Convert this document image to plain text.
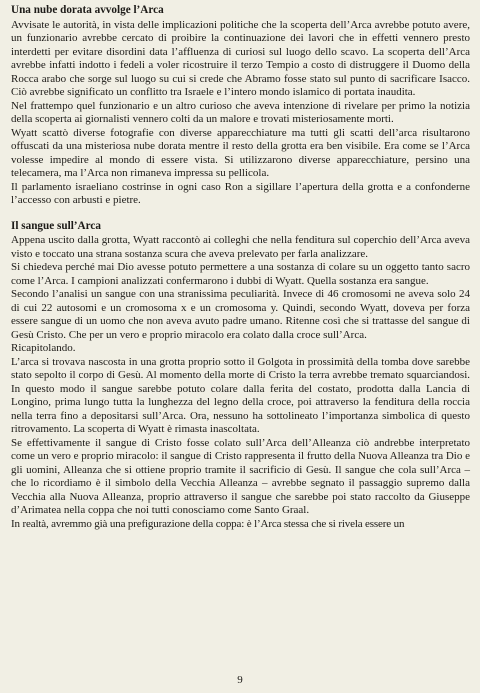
Una nube dorata avvolge l’Arca

Avvisate le autorità, in vista delle implicazioni politiche che la scoperta dell’Arca avrebbe potuto avere, un funzionario avrebbe cercato di proibire la continuazione dei lavori che in effetti vennero presto interdetti per evitare disordini data l’affluenza di curiosi sul luogo dello scavo. La scoperta dell’Arca avrebbe infatti indotto i fedeli a voler ricostruire il terzo Tempio a costo di distruggere il Duomo della Rocca arabo che sorge sul luogo su cui si crede che Abramo fosse stato sul punto di sacrificare Isacco. Ciò avrebbe significato un conflitto tra Israele e l’intero mondo islamico di portata inaudita.

Nel frattempo quel funzionario e un altro curioso che aveva intenzione di rivelare per primo la notizia della scoperta ai giornalisti vennero colti da un malore e trovati misteriosamente morti.

Wyatt scattò diverse fotografie con diverse apparecchiature ma tutti gli scatti dell’arca risultarono offuscati da una misteriosa nube dorata mentre il resto della grotta era ben visibile. Era come se l’Arca volesse impedire al mondo di essere vista. Si utilizzarono diverse apparecchiature, persino una telecamera, ma l’Arca non rimaneva impressa su pellicola.

Il parlamento israeliano costrinse in ogni caso Ron a sigillare l’apertura della grotta e a confonderne l’accesso con arbusti e pietre.

Il sangue sull’Arca

Appena uscito dalla grotta, Wyatt raccontò ai colleghi che nella fenditura sul coperchio dell’Arca aveva visto e toccato una strana sostanza scura che aveva prelevato per farla analizzare.

Si chiedeva perché mai Dio avesse potuto permettere a una sostanza di colare su un oggetto tanto sacro come l’Arca. I campioni analizzati confermarono i dubbi di Wyatt. Quella sostanza era sangue.

Secondo l’analisi un sangue con una stranissima peculiarità. Invece di 46 cromosomi ne aveva solo 24 di cui 22 autosomi e un cromosoma x e un cromosoma y. Quindi, secondo Wyatt, doveva per forza essere sangue di un uomo che non aveva avuto padre umano. Ritenne così che si trattasse del sangue di Gesù Cristo. Che per un vero e proprio miracolo era colato dalla croce sull’Arca.

Ricapitolando.

L’arca si trovava nascosta in una grotta proprio sotto il Golgota in prossimità della tomba dove sarebbe stato sepolto il corpo di Gesù. Al momento della morte di Cristo la terra avrebbe tremato squarciandosi. In questo modo il sangue sarebbe potuto colare dalla ferita del costato, prodotta dalla Lancia di Longino, prima lungo tutta la lunghezza del legno della croce, poi attraverso la fenditura della roccia nella terra fino a depositarsi sull’Arca. Ora, nessuno ha sottolineato l’importanza simbolica di questo ritrovamento. La scoperta di Wyatt è rimasta inascoltata.

Se effettivamente il sangue di Cristo fosse colato sull’Arca dell’Alleanza ciò andrebbe interpretato come un vero e proprio miracolo: il sangue di Cristo rappresenta il frutto della Nuova Alleanza tra Dio e gli uomini, Alleanza che si ottiene proprio tramite il sacrificio di Gesù. Il sangue che cola sull’Arca – che lo ricordiamo è il simbolo della Vecchia Alleanza – avrebbe segnato il passaggio supremo dalla Vecchia alla Nuova Alleanza, proprio attraverso il sangue che sarebbe poi stato raccolto da Giuseppe d’Arimatea nella coppa che noi tutti conosciamo come Santo Graal.

In realtà, avremmo già una prefigurazione della coppa: è l’Arca stessa che si rivela essere un

9
